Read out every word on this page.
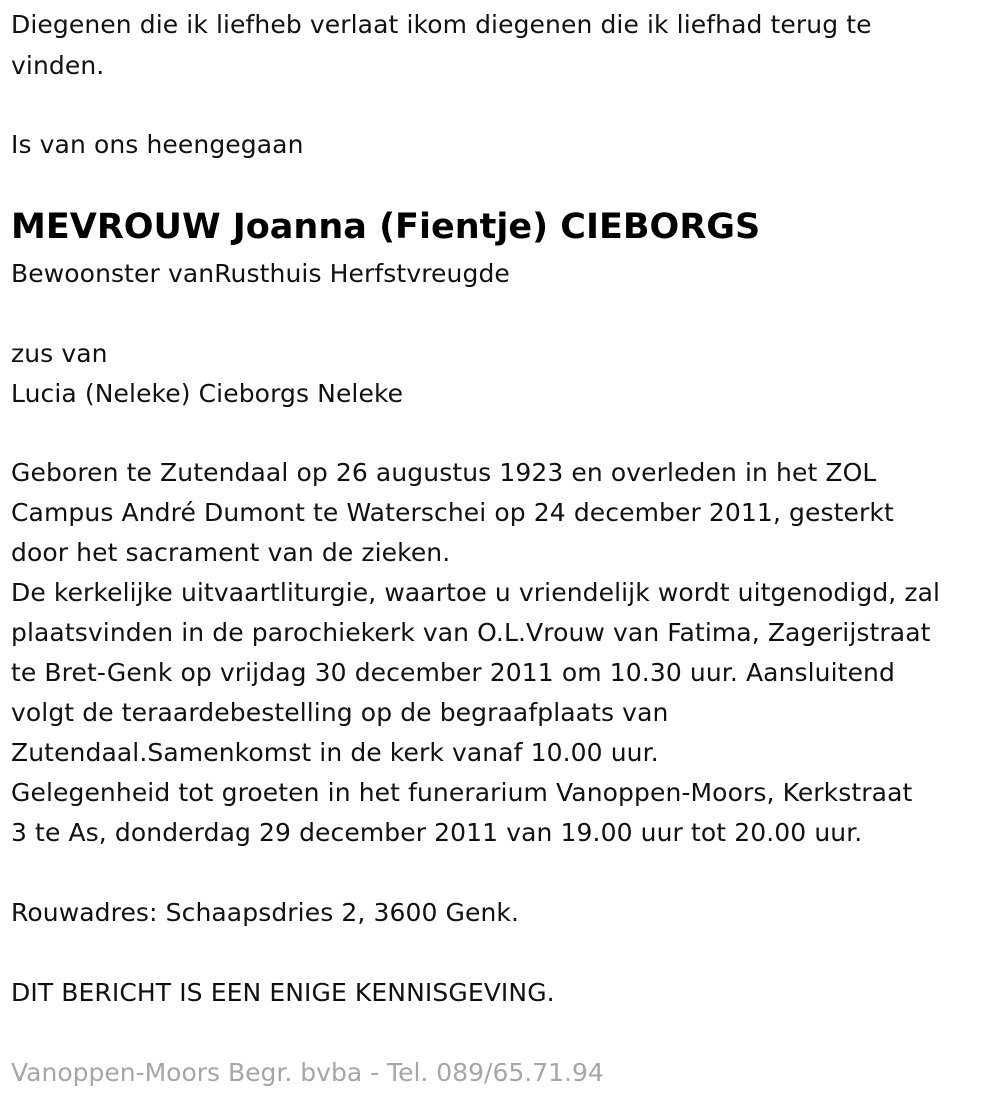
Diegenen die ik liefheb verlaat ikom diegenen die ik liefhad terug te
vinden.
Is van ons heengegaan
MEVROUW Joanna (Fientje) CIEBORGS
Bewoonster vanRusthuis Herfstvreugde
zus van
Lucia (Neleke) Cieborgs Neleke
Geboren te Zutendaal op 26 augustus 1923 en overleden in het ZOL
Campus André Dumont te Waterschei op 24 december 2011, gesterkt
door het sacrament van de zieken.
De kerkelijke uitvaartliturgie, waartoe u vriendelijk wordt uitgenodigd, zal
plaatsvinden in de parochiekerk van O.L.Vrouw van Fatima, Zagerijstraat
te Bret-Genk op vrijdag 30 december 2011 om 10.30 uur. Aansluitend
volgt de teraardebestelling op de begraafplaats van
Zutendaal.Samenkomst in de kerk vanaf 10.00 uur.
Gelegenheid tot groeten in het funerarium Vanoppen-Moors, Kerkstraat
3 te As, donderdag 29 december 2011 van 19.00 uur tot 20.00 uur.
Rouwadres: Schaapsdries 2, 3600 Genk.
DIT BERICHT IS EEN ENIGE KENNISGEVING.
Vanoppen-Moors Begr. bvba - Tel. 089/65.71.94
